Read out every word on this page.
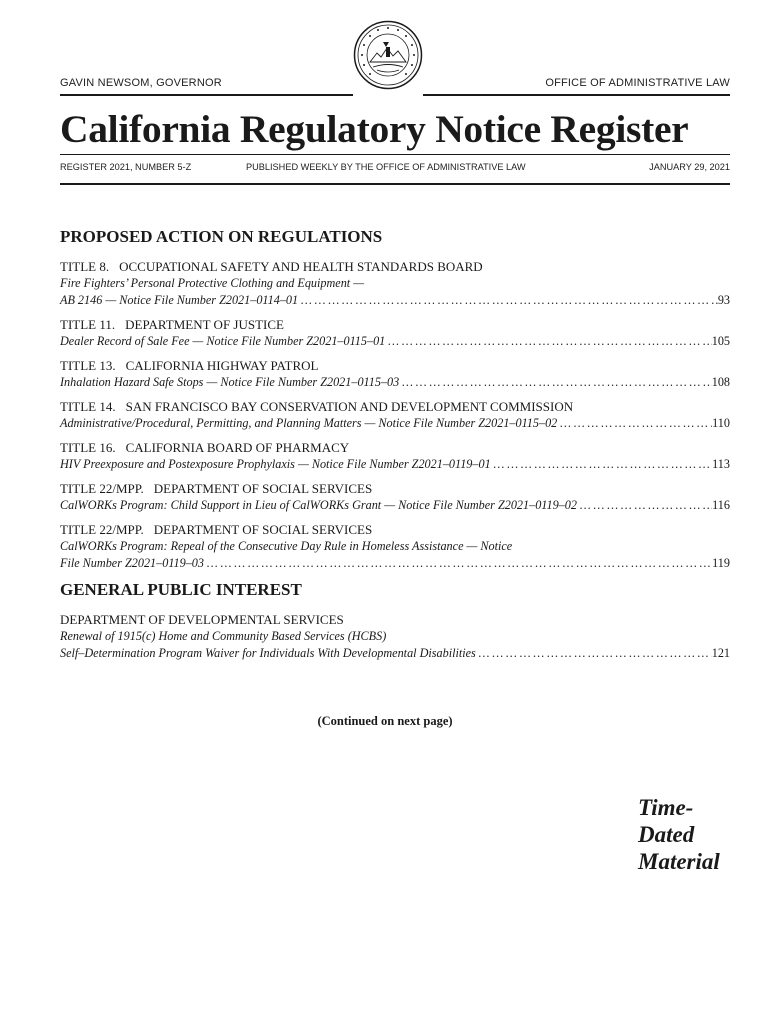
GAVIN NEWSOM, GOVERNOR	OFFICE OF ADMINISTRATIVE LAW
California Regulatory Notice Register
REGISTER 2021, NUMBER 5-Z	PUBLISHED WEEKLY BY THE OFFICE OF ADMINISTRATIVE LAW	JANUARY 29, 2021
PROPOSED ACTION ON REGULATIONS
TITLE 8. OCCUPATIONAL SAFETY AND HEALTH STANDARDS BOARD
Fire Fighters’ Personal Protective Clothing and Equipment —
AB 2146 — Notice File Number Z2021–0114–01 …………………………………………………………………………………………………………………………………………………………………………………………………………	93
TITLE 11. DEPARTMENT OF JUSTICE
Dealer Record of Sale Fee — Notice File Number Z2021–0115–01 …………………………………………………………………………………………………………………………………………………………………………………………………………	105
TITLE 13. CALIFORNIA HIGHWAY PATROL
Inhalation Hazard Safe Stops — Notice File Number Z2021–0115–03 …………………………………………………………………………………………………………………………………………………………………………………………………………	108
TITLE 14. SAN FRANCISCO BAY CONSERVATION AND DEVELOPMENT COMMISSION
Administrative/Procedural, Permitting, and Planning Matters — Notice File Number Z2021–0115–02 …………………………………………………………………………………………………………………………………………………………………………………………………………	110
TITLE 16. CALIFORNIA BOARD OF PHARMACY
HIV Preexposure and Postexposure Prophylaxis — Notice File Number Z2021–0119–01 …………………………………………………………………………………………………………………………………………………………………………………………………………	113
TITLE 22/MPP. DEPARTMENT OF SOCIAL SERVICES
CalWORKs Program: Child Support in Lieu of CalWORKs Grant — Notice File Number Z2021–0119–02 …………………………………………………………………………………………………………………………………………………………………………………………………………	116
TITLE 22/MPP. DEPARTMENT OF SOCIAL SERVICES
CalWORKs Program: Repeal of the Consecutive Day Rule in Homeless Assistance — Notice
File Number Z2021–0119–03 …………………………………………………………………………………………………………………………………………………………………………………………………………	119
GENERAL PUBLIC INTEREST
DEPARTMENT OF DEVELOPMENTAL SERVICES
Renewal of 1915(c) Home and Community Based Services (HCBS)
Self–Determination Program Waiver for Individuals With Developmental Disabilities …………………………………………………………………………………………………………………………………………………………………………………………………………	121
(Continued on next page)
Time-
Dated
Material
